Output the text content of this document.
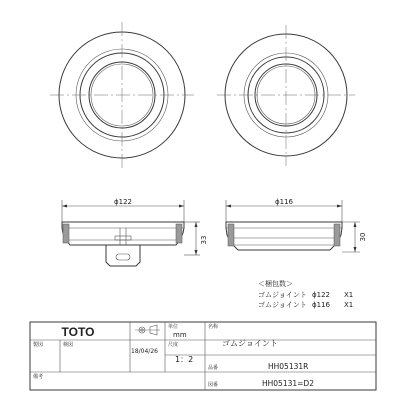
ϕ122
33
ϕ116
30
＜梱包数＞
ゴムジョイント ϕ122 X1
ゴムジョイント ϕ116 X1
TOTO	単位
mm
名称
ゴムジョイント
製図	検図
18/04/26
尺度
1：2
備考
品番	HH05131R
図番	HH05131=D2
